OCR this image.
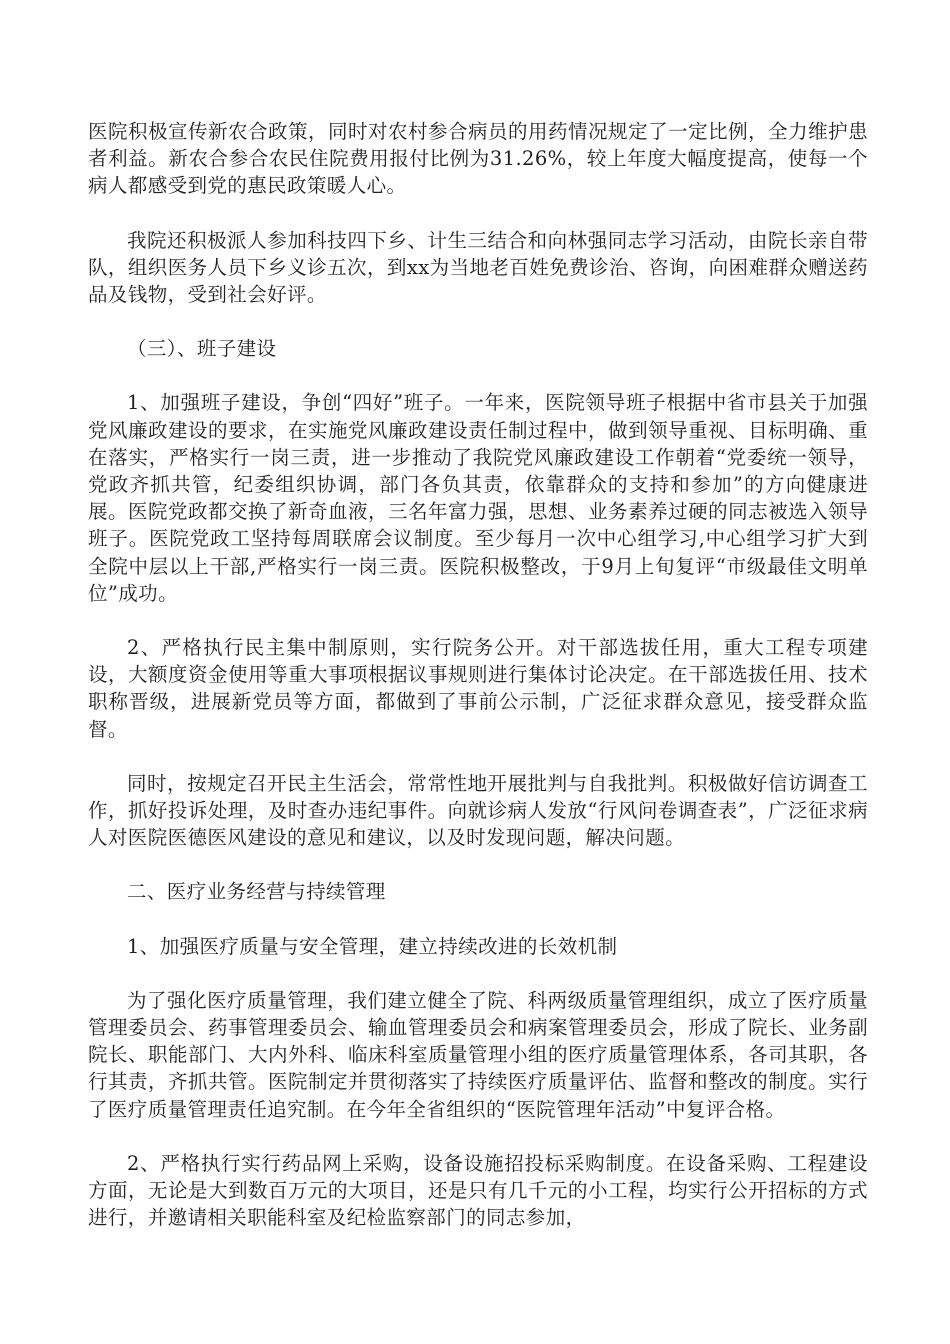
医院积极宣传新农合政策，同时对农村参合病员的用药情况规定了一定比例，全力维护患者利益。新农合参合农民住院费用报付比例为31.26%，较上年度大幅度提高，使每一个病人都感受到党的惠民政策暖人心。

我院还积极派人参加科技四下乡、计生三结合和向林强同志学习活动，由院长亲自带队，组织医务人员下乡义诊五次，到xx为当地老百姓免费诊治、咨询，向困难群众赠送药品及钱物，受到社会好评。

（三）、班子建设

1、加强班子建设，争创“四好”班子。一年来，医院领导班子根据中省市县关于加强党风廉政建设的要求，在实施党风廉政建设责任制过程中，做到领导重视、目标明确、重在落实，严格实行一岗三责，进一步推动了我院党风廉政建设工作朝着“党委统一领导，党政齐抓共管，纪委组织协调，部门各负其责，依靠群众的支持和参加”的方向健康进展。医院党政都交换了新奇血液，三名年富力强，思想、业务素养过硬的同志被选入领导班子。医院党政工坚持每周联席会议制度。至少每月一次中心组学习,中心组学习扩大到全院中层以上干部,严格实行一岗三责。医院积极整改，于9月上旬复评“市级最佳文明单位”成功。

2、严格执行民主集中制原则，实行院务公开。对干部选拔任用，重大工程专项建设，大额度资金使用等重大事项根据议事规则进行集体讨论决定。在干部选拔任用、技术职称晋级，进展新党员等方面，都做到了事前公示制，广泛征求群众意见，接受群众监督。

同时，按规定召开民主生活会，常常性地开展批判与自我批判。积极做好信访调查工作，抓好投诉处理，及时查办违纪事件。向就诊病人发放“行风问卷调查表”，广泛征求病人对医院医德医风建设的意见和建议，以及时发现问题，解决问题。

二、医疗业务经营与持续管理

1、加强医疗质量与安全管理，建立持续改进的长效机制

为了强化医疗质量管理，我们建立健全了院、科两级质量管理组织，成立了医疗质量管理委员会、药事管理委员会、输血管理委员会和病案管理委员会，形成了院长、业务副院长、职能部门、大内外科、临床科室质量管理小组的医疗质量管理体系，各司其职，各行其责，齐抓共管。医院制定并贯彻落实了持续医疗质量评估、监督和整改的制度。实行了医疗质量管理责任追究制。在今年全省组织的“医院管理年活动”中复评合格。

2、严格执行实行药品网上采购，设备设施招投标采购制度。在设备采购、工程建设方面，无论是大到数百万元的大项目，还是只有几千元的小工程，均实行公开招标的方式进行，并邀请相关职能科室及纪检监察部门的同志参加，
